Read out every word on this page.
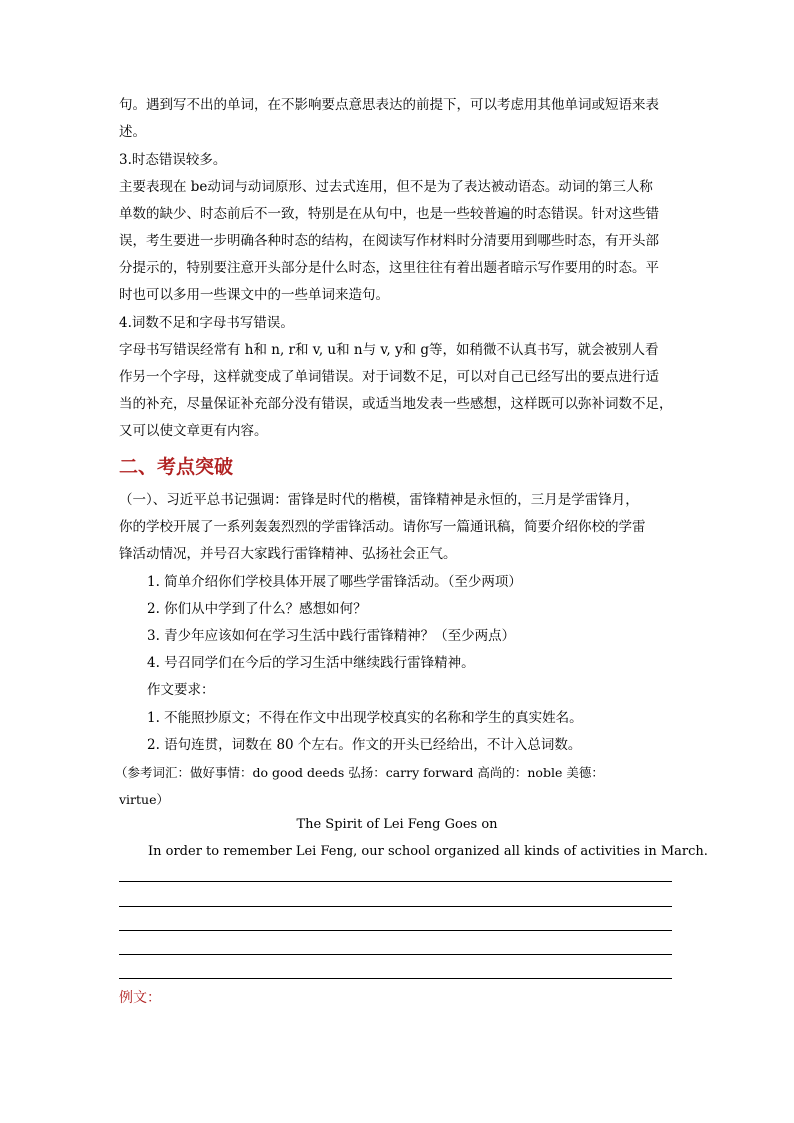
句。遇到写不出的单词，在不影响要点意思表达的前提下，可以考虑用其他单词或短语来表
述。
3.时态错误较多。
主要表现在 be动词与动词原形、过去式连用，但不是为了表达被动语态。动词的第三人称
单数的缺少、时态前后不一致，特别是在从句中，也是一些较普遍的时态错误。针对这些错
误，考生要进一步明确各种时态的结构，在阅读写作材料时分清要用到哪些时态，有开头部
分提示的，特别要注意开头部分是什么时态，这里往往有着出题者暗示写作要用的时态。平
时也可以多用一些课文中的一些单词来造句。
4.词数不足和字母书写错误。
字母书写错误经常有 h和 n, r和 v, u和 n与 v, y和 g等，如稍微不认真书写，就会被别人看
作另一个字母，这样就变成了单词错误。对于词数不足，可以对自己已经写出的要点进行适
当的补充，尽量保证补充部分没有错误，或适当地发表一些感想，这样既可以弥补词数不足，
又可以使文章更有内容。
二、考点突破
（一）、习近平总书记强调：雷锋是时代的楷模，雷锋精神是永恒的，三月是学雷锋月，
你的学校开展了一系列轰轰烈烈的学雷锋活动。请你写一篇通讯稿，简要介绍你校的学雷
锋活动情况，并号召大家践行雷锋精神、弘扬社会正气。
1. 简单介绍你们学校具体开展了哪些学雷锋活动。（至少两项）
2. 你们从中学到了什么？感想如何？
3. 青少年应该如何在学习生活中践行雷锋精神？（至少两点）
4. 号召同学们在今后的学习生活中继续践行雷锋精神。
作文要求：
1. 不能照抄原文；不得在作文中出现学校真实的名称和学生的真实姓名。
2. 语句连贯，词数在 80 个左右。作文的开头已经给出，不计入总词数。
（参考词汇：做好事情：do good deeds 弘扬：carry forward 高尚的：noble 美德：
virtue）
The Spirit of Lei Feng Goes on
In order to remember Lei Feng, our school organized all kinds of activities in March.
例文：
